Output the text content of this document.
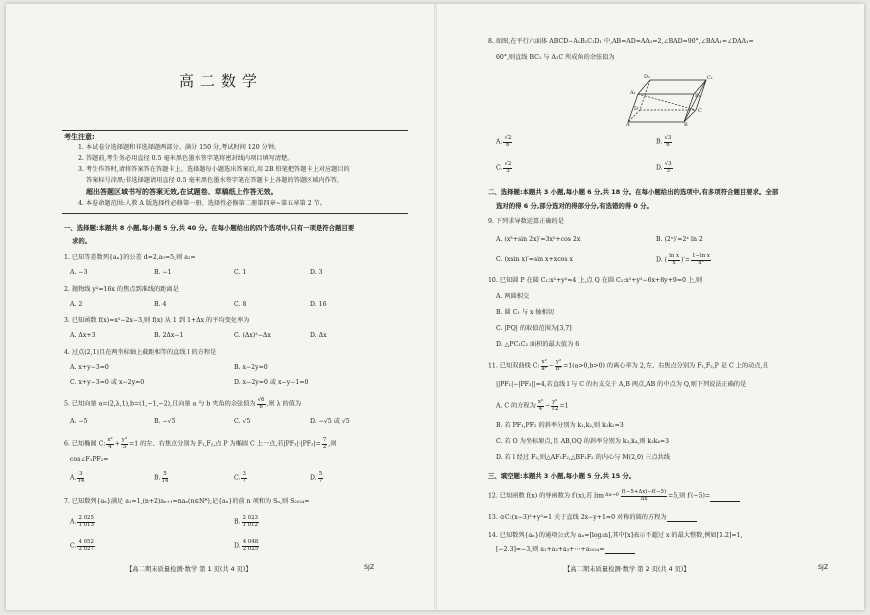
高二数学
考生注意:
1. 本试卷分选择题和非选择题两部分。满分 150 分,考试时间 120 分钟。
2. 答题前,考生务必用直径 0.5 毫米黑色墨水签字笔将密封线内项目填写清楚。
3. 考生作答时,请将答案答在答题卡上。选择题每小题选出答案后,用 2B 铅笔把答题卡上对应题目的
答案标号涂黑;非选择题请用直径 0.5 毫米黑色墨水签字笔在答题卡上各题的答题区域内作答,
超出答题区域书写的答案无效,在试题卷、草稿纸上作答无效。
4. 本卷命题范围:人教 A 版选择性必修第一册、选择性必修第二册第四章~第五章第 2 节。
一、选择题:本题共 8 小题,每小题 5 分,共 40 分。在每小题给出的四个选项中,只有一项是符合题目要
求的。
1. 已知等差数列{aₙ}的公差 d=2,a₅=5,则 a₁=
A. −3	B. −1	C. 1	D. 3
2. 抛物线 y²=16x 的焦点到准线的距离是
A. 2	B. 4	C. 8	D. 16
3. 已知函数 f(x)=x²−2x−3,则 f(x) 从 1 到 1+Δx 的平均变化率为
A. Δx+3	B. 2Δx−1	C. (Δx)²−Δx	D. Δx
4. 过点(2,1)且在两坐标轴上截距相等的直线 l 的方程是
A. x+y−3=0	B. x−2y=0
C. x+y−3=0 或 x−2y=0	D. x−2y=0 或 x−y−1=0
5. 已知向量 a=(2,λ,1),b=(1,−1,−2),且向量 a 与 b 夹角的余弦值为 $\frac{√6}{6}$ ,则 λ 的值为
A. −5	B. −√5	C. √5	D. −√5 或 √5
6. 已知椭圆 C: $\frac{\text{x²}}{4} + \frac{\text{y²}}{3} =1$ 的左、右焦点分别为 F₁,F₂,点 P 为椭圆 C 上一点,若$|PF_1|\cdot|PF_2|= \frac{7}{2}$ ,则
cos∠F₁PF₂=
A. $\frac{3}{14}$	B. $\frac{5}{14}$	C. $\frac{3}{7}$	D. $\frac{5}{7}$
7. 已知数列{aₙ}满足 a₁=1,(n+2)aₙ₊₁=naₙ(n∈N*),记{aₙ}的前 n 项和为 Sₙ,则 S₂₀₂₄=
A. $\frac{2 025}{1 013}$	B. $\frac{2 023}{1 012}$
C. $\frac{4 052}{2 027}$	D. $\frac{4 048}{2 025}$
【高二期末质量检测·数学 第 1 页(共 4 页)】	SJZ
8. 如图,在平行六面体 ABCD−A₁B₁C₁D₁ 中,AB=AD=AA₁=2,∠BAD=90°,∠BAA₁=∠DAA₁=
60°,则直线 BC₁ 与 A₁C 所成角的余弦值为
D₁	C₁
A₁	B₁
D	C
A	B
A. $\frac{√2}{6}$	B. $\frac{√3}{6}$
C. $\frac{√2}{3}$	D. $\frac{√3}{3}$
二、选择题:本题共 3 小题,每小题 6 分,共 18 分。在每小题给出的选项中,有多项符合题目要求。全部
选对的得 6 分,部分选对的得部分分,有选错的得 0 分。
9. 下列求导数运算正确的是
A. (x³+sin 2x)′=3x²+cos 2x	B. (2ˣ)′=2ˣ ln 2
C. (xsin x)′=sin x+xcos x	D. ( $\frac{\text{ln x}}{x}$ )′= $\frac{\text{1−ln x}}{\text{x²}}$
10. 已知圆 P 在圆 C₁:x²+y²=4 上,点 Q 在圆 C₂:x²+y²−6x+8y+9=0 上,则
A. 两圆相交
B. 圆 C₁ 与 x 轴相切
C. |PQ| 的取值范围为[3,7]
D. △PC₁C₂ 面积的最大值为 6
11. 已知双曲线 C: $\frac{\text{x²}}{\text{a²}} - \frac{\text{y²}}{\text{b²}} =1(a>0,b>0)$ 的离心率为 2,左、右焦点分别为 F₁,F₂,P 是 C 上的动点,且
||PF₁|−|PF₂||=4,若直线 l 与 C 的右支交于 A,B 两点,AB 的中点为 Q,则下列说法正确的是
A. C 的方程为 $\frac{\text{x²}}{4} - \frac{\text{y²}}{12} =1$
B. 若 PF₁,PF₂ 的斜率分别为 k₁,k₂,则 k₁k₂=3
C. 若 O 为坐标原点,且 AB,OQ 的斜率分别为 k₃,k₄,则 k₃k₄=3
D. 若 l 经过 F₂,则△AF₁F₂,△BF₁F₂ 的内心与 M(2,0) 三点共线
三、填空题:本题共 3 小题,每小题 5 分,共 15 分。
12. 已知函数 f(x) 的导函数为 f′(x),若 $\lim \Delta x\to 0 \frac{f(-5+\Delta x)-f(-5)}{\Delta x} =5$,则 f′(−5)=
13. ⊙C:(x−3)²+y²=1 关于直线 2x−y+1=0 对称的圆的方程为
14. 已知数列{aₙ}的通项公式为 aₙ=[log₃n],其中[x]表示不超过 x 的最大整数,例如[1.2]=1,
[−2.3]=−3,则 a₁+a₂+a₃+⋯+a₂₀₂₄=
【高二期末质量检测·数学 第 2 页(共 4 页)】	SJZ
